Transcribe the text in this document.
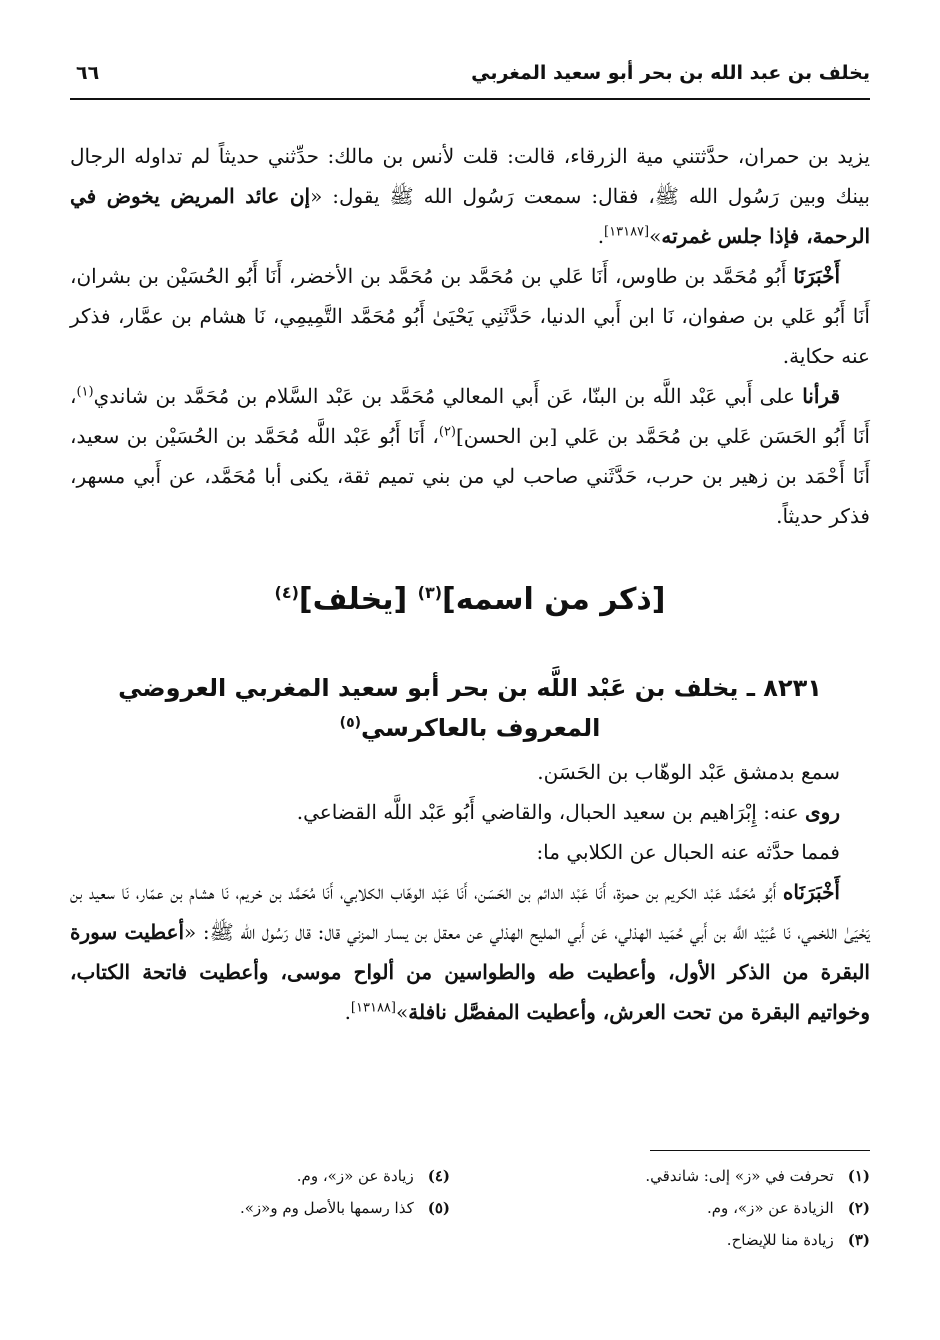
يخلف بن عبد الله بن بحر أبو سعيد المغربي
٦٦

يزيد بن حمران، حدَّثتني مية الزرقاء، قالت: قلت لأنس بن مالك: حدِّثني حديثاً لم تداوله الرجال بينك وبين رَسُول الله ﷺ، فقال: سمعت رَسُول الله ﷺ يقول: «إن عائد المريض يخوض في الرحمة، فإذا جلس غمرته»[١٣١٨٧].

أَخْبَرَنَا أَبُو مُحَمَّد بن طاوس، أَنَا عَلي بن مُحَمَّد بن مُحَمَّد بن الأخضر، أَنَا أَبُو الحُسَيْن بن بشران، أَنَا أَبُو عَلي بن صفوان، نَا ابن أَبي الدنيا، حَدَّثَنِي يَحْيَىٰ أَبُو مُحَمَّد التَّمِيمِي، نَا هشام بن عمَّار، فذكر عنه حكاية.

قرأنا على أَبي عَبْد اللَّه بن البنّا، عَن أَبي المعالي مُحَمَّد بن عَبْد السَّلام بن مُحَمَّد بن شاندي$^{(١)}$، أَنَا أَبُو الحَسَن عَلي بن مُحَمَّد بن عَلي [بن الحسن]$^{(٢)}$، أَنَا أَبُو عَبْد اللَّه مُحَمَّد بن الحُسَيْن بن سعيد، أَنَا أَحْمَد بن زهير بن حرب، حَدَّثَني صاحب لي من بني تميم ثقة، يكنى أبا مُحَمَّد، عن أَبي مسهر، فذكر حديثاً.

[ذكر من اسمه]$^{(٣)}$ [يخلف]$^{(٤)}$
٨٢٣١ ـ يخلف بن عَبْد اللَّه بن بحر أبو سعيد المغربي العروضي
المعروف بالعاكرسي$^{(٥)}$

سمع بدمشق عَبْد الوهّاب بن الحَسَن.

روى عنه: إِبْرَاهيم بن سعيد الحبال، والقاضي أَبُو عَبْد اللَّه القضاعي.

فمما حدَّثه عنه الحبال عن الكلابي ما:

أَخْبَرَنَاه أَبُو مُحَمَّد عَبْد الكريم بن حمزة، أَنَا عَبْد الدائم بن الحَسَن، أَنَا عَبْد الوهّاب الكلابي، أَنَا مُحَمَّد بن خريم، نَا هشام بن عمّار، نَا سعيد بن يَحْيَىٰ اللخمي، نَا عُبَيْد اللَّه بن أَبي حُمَيد الهذلي، عَن أَبي المليح الهذلي عن معقل بن يسار المزني قال: قال رَسُول الله ﷺ: «أعطيت سورة البقرة من الذكر الأول، وأعطيت طه والطواسين من ألواح موسى، وأعطيت فاتحة الكتاب، وخواتيم البقرة من تحت العرش، وأعطيت المفصَّل نافلة»[١٣١٨٨].

(١)تحرفت في «ز» إلى: شاندقي.
(٢)الزيادة عن «ز»، وم.
(٣)زيادة منا للإيضاح.
(٤)زيادة عن «ز»، وم.
(٥)كذا رسمها بالأصل وم و«ز».
